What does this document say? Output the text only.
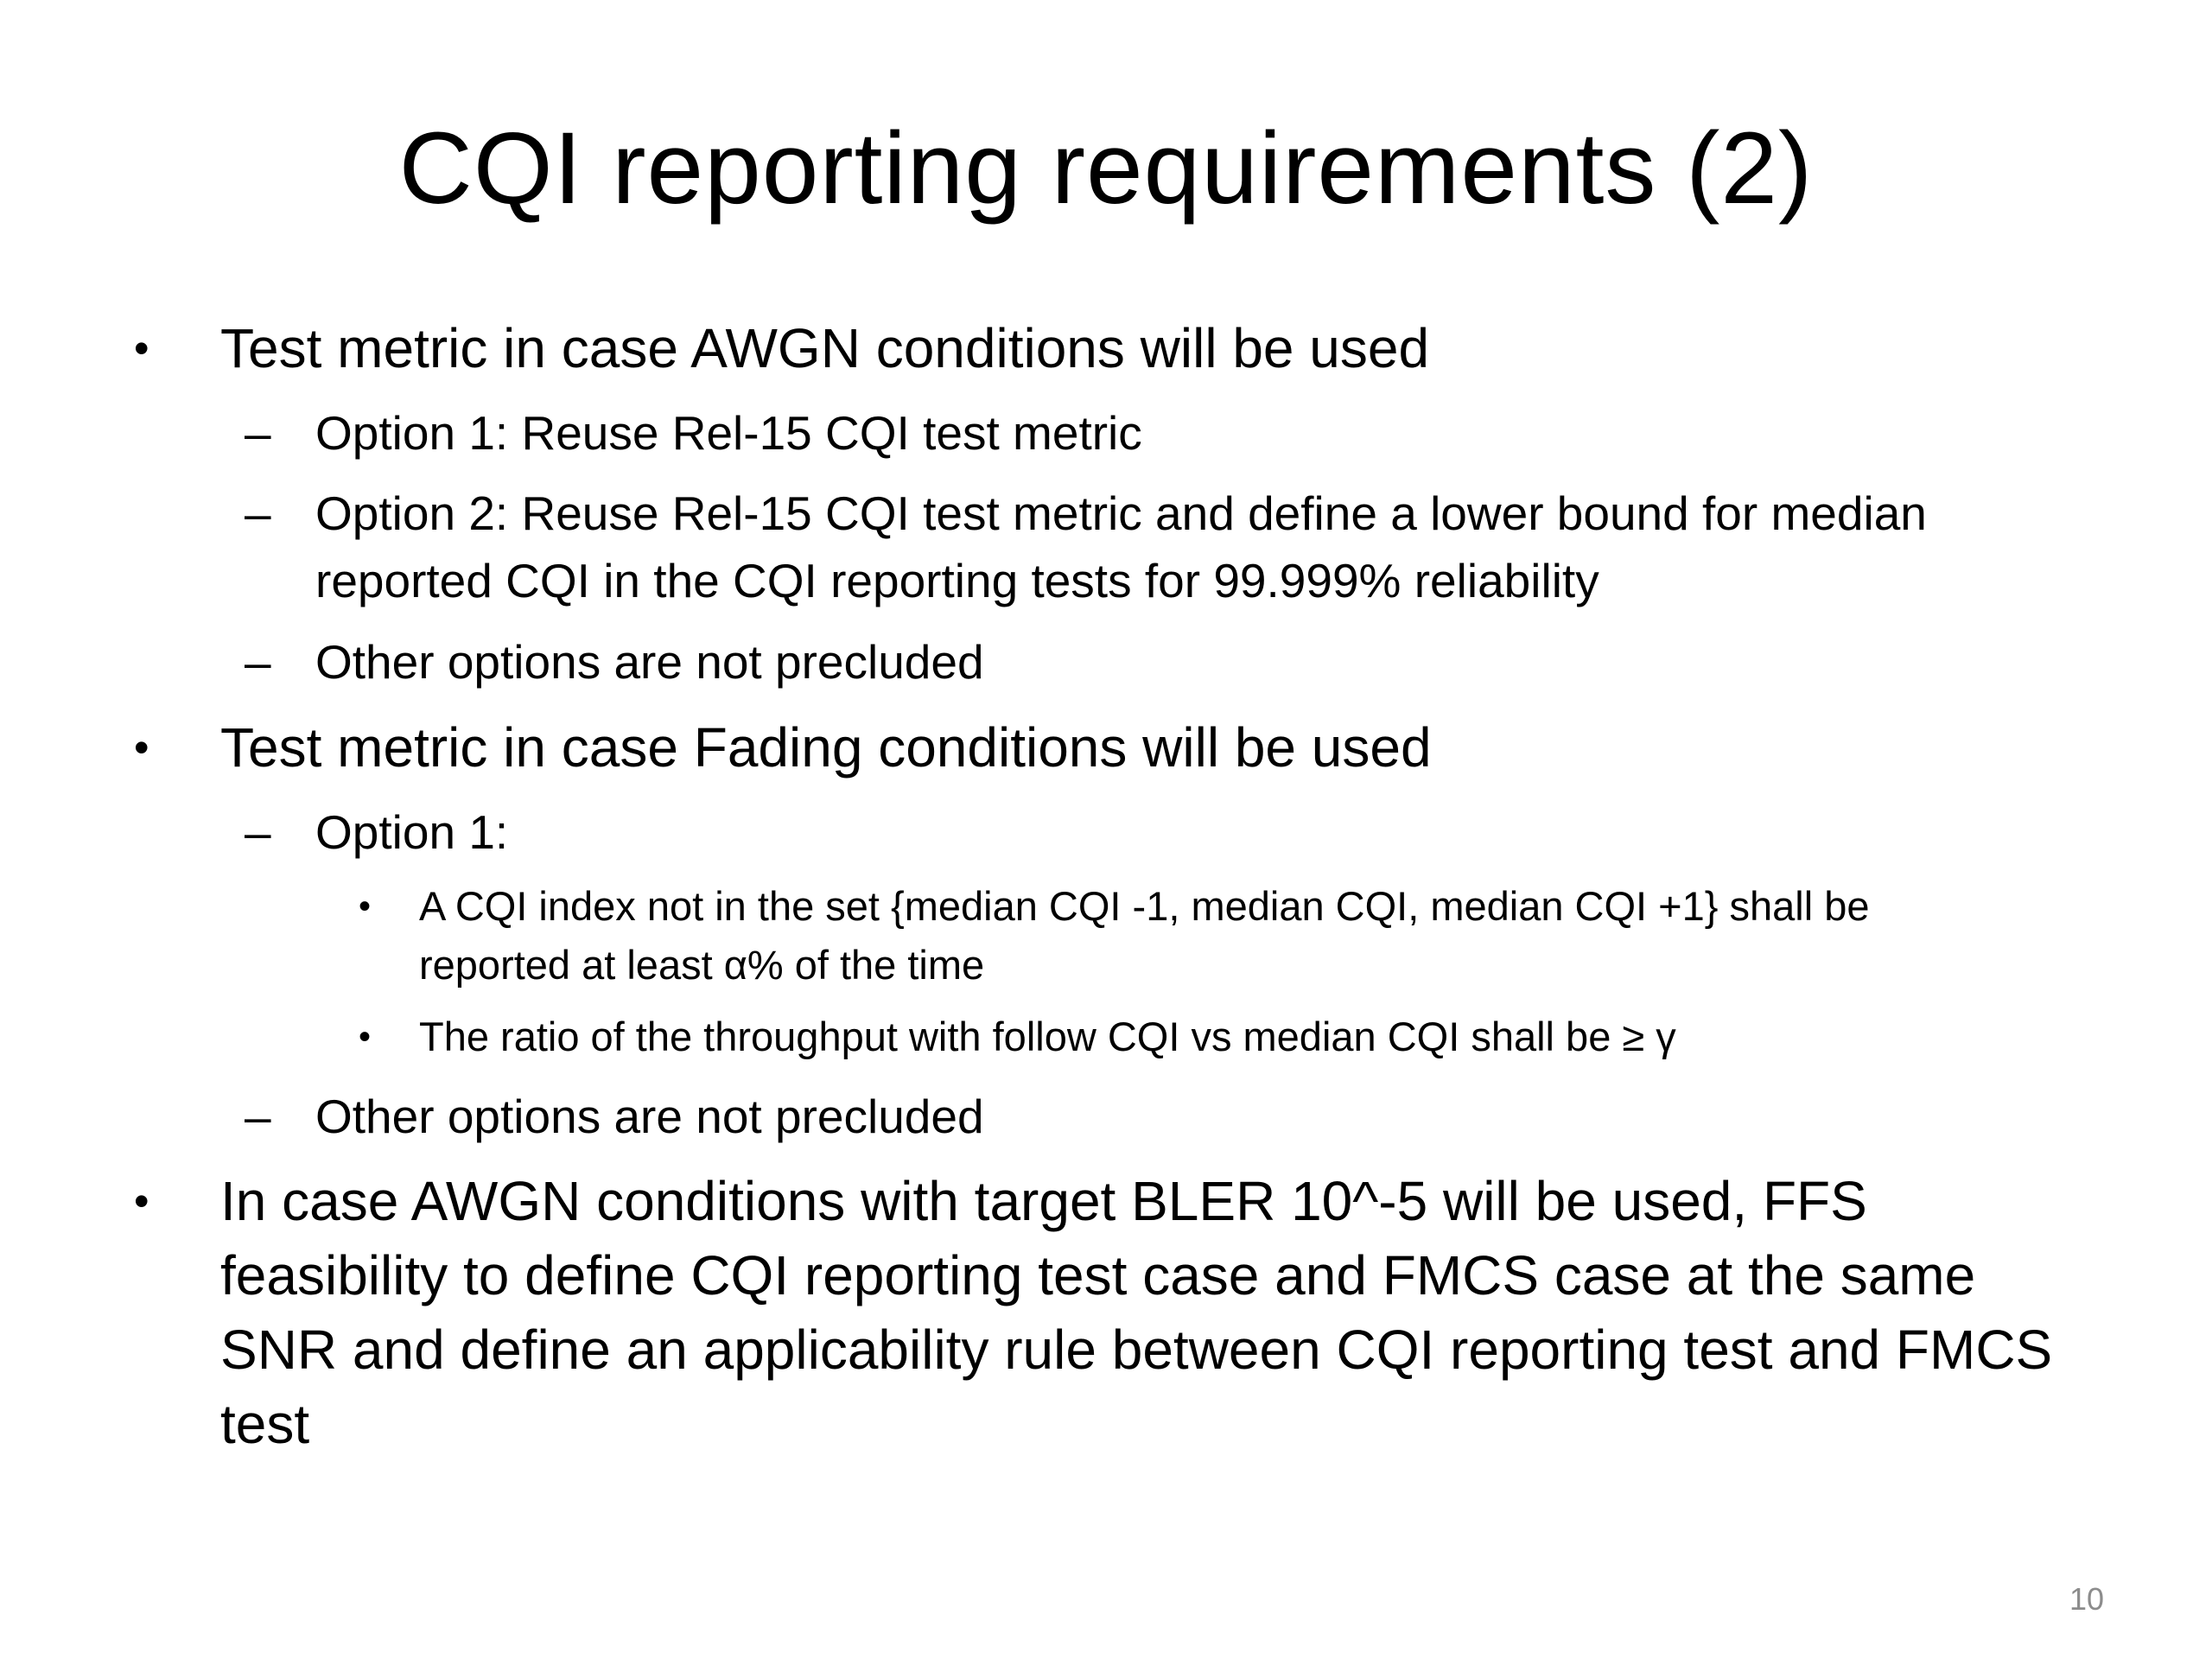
CQI reporting requirements (2)
• Test metric in case AWGN conditions will be used
– Option 1: Reuse Rel-15 CQI test metric
– Option 2: Reuse Rel-15 CQI test metric and define a lower bound for median
reported CQI in the CQI reporting tests for 99.999% reliability
– Other options are not precluded
• Test metric in case Fading conditions will be used
– Option 1:
• A CQI index not in the set {median CQI -1, median CQI, median CQI +1} shall be
reported at least α% of the time
• The ratio of the throughput with follow CQI vs median CQI shall be ≥ γ
– Other options are not precluded
• In case AWGN conditions with target BLER 10^-5 will be used, FFS
feasibility to define CQI reporting test case and FMCS case at the same
SNR and define an applicability rule between CQI reporting test and FMCS
test
10
